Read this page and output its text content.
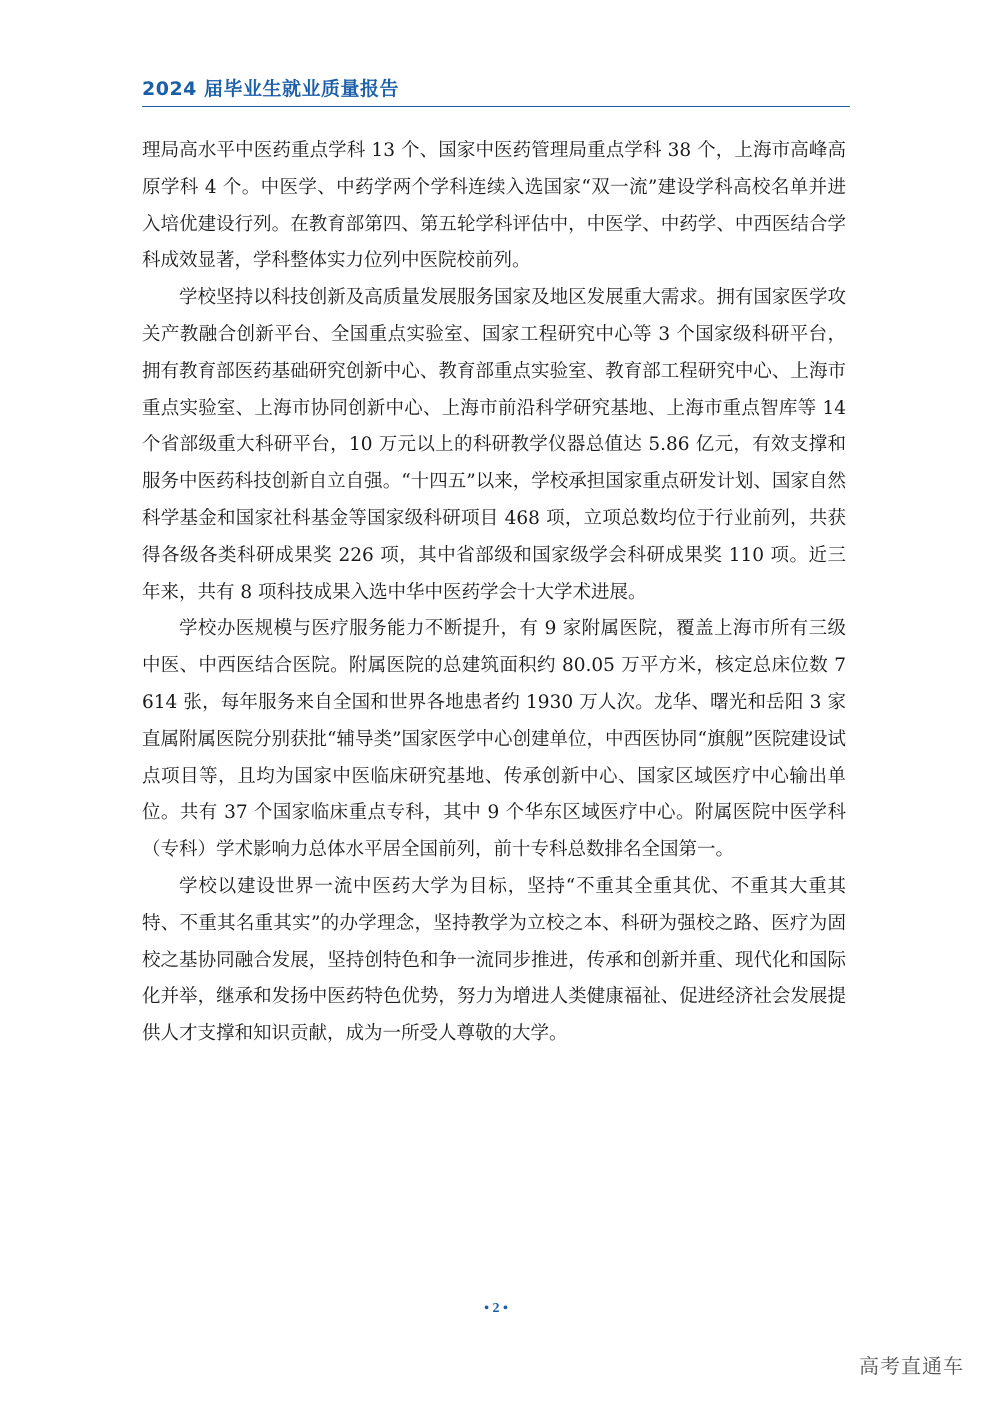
2024 届毕业生就业质量报告

理局高水平中医药重点学科 13 个、国家中医药管理局重点学科 38 个，上海市高峰高原学科 4 个。中医学、中药学两个学科连续入选国家“双一流”建设学科高校名单并进入培优建设行列。在教育部第四、第五轮学科评估中，中医学、中药学、中西医结合学科成效显著，学科整体实力位列中医院校前列。

学校坚持以科技创新及高质量发展服务国家及地区发展重大需求。拥有国家医学攻关产教融合创新平台、全国重点实验室、国家工程研究中心等 3 个国家级科研平台，拥有教育部医药基础研究创新中心、教育部重点实验室、教育部工程研究中心、上海市重点实验室、上海市协同创新中心、上海市前沿科学研究基地、上海市重点智库等 14 个省部级重大科研平台，10 万元以上的科研教学仪器总值达 5.86 亿元，有效支撑和服务中医药科技创新自立自强。“十四五”以来，学校承担国家重点研发计划、国家自然科学基金和国家社科基金等国家级科研项目 468 项，立项总数均位于行业前列，共获得各级各类科研成果奖 226 项，其中省部级和国家级学会科研成果奖 110 项。近三年来，共有 8 项科技成果入选中华中医药学会十大学术进展。

学校办医规模与医疗服务能力不断提升，有 9 家附属医院，覆盖上海市所有三级中医、中西医结合医院。附属医院的总建筑面积约 80.05 万平方米，核定总床位数 7614 张，每年服务来自全国和世界各地患者约 1930 万人次。龙华、曙光和岳阳 3 家直属附属医院分别获批“辅导类”国家医学中心创建单位，中西医协同“旗舰”医院建设试点项目等，且均为国家中医临床研究基地、传承创新中心、国家区域医疗中心输出单位。共有 37 个国家临床重点专科，其中 9 个华东区域医疗中心。附属医院中医学科（专科）学术影响力总体水平居全国前列，前十专科总数排名全国第一。

学校以建设世界一流中医药大学为目标，坚持“不重其全重其优、不重其大重其特、不重其名重其实”的办学理念，坚持教学为立校之本、科研为强校之路、医疗为固校之基协同融合发展，坚持创特色和争一流同步推进，传承和创新并重、现代化和国际化并举，继承和发扬中医药特色优势，努力为增进人类健康福祉、促进经济社会发展提供人才支撑和知识贡献，成为一所受人尊敬的大学。

• 2 •
高考直通车
